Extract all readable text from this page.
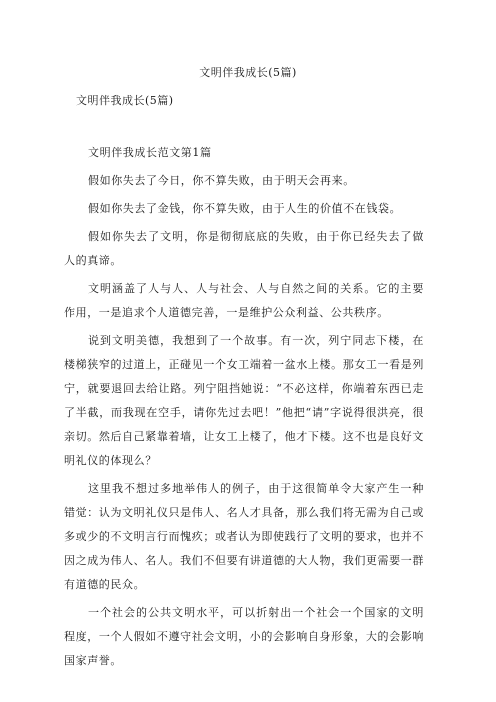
文明伴我成长(5篇)
文明伴我成长(5篇)

文明伴我成长范文第1篇

假如你失去了今日，你不算失败，由于明天会再来。

假如你失去了金钱，你不算失败，由于人生的价值不在钱袋。

假如你失去了文明，你是彻彻底底的失败，由于你已经失去了做人的真谛。

文明涵盖了人与人、人与社会、人与自然之间的关系。它的主要作用，一是追求个人道德完善，一是维护公众利益、公共秩序。

说到文明美德，我想到了一个故事。有一次，列宁同志下楼，在楼梯狭窄的过道上，正碰见一个女工端着一盆水上楼。那女工一看是列宁，就要退回去给让路。列宁阻挡她说：“不必这样，你端着东西已走了半截，而我现在空手，请你先过去吧！”他把“请”字说得很洪亮，很亲切。然后自己紧靠着墙，让女工上楼了，他才下楼。这不也是良好文明礼仪的体现么？

这里我不想过多地举伟人的例子，由于这很简单令大家产生一种错觉：认为文明礼仪只是伟人、名人才具备，那么我们将无需为自己或多或少的不文明言行而愧疚；或者认为即使践行了文明的要求，也并不因之成为伟人、名人。我们不但要有讲道德的大人物，我们更需要一群有道德的民众。

一个社会的公共文明水平，可以折射出一个社会一个国家的文明程度，一个人假如不遵守社会文明，小的会影响自身形象，大的会影响国家声誉。
